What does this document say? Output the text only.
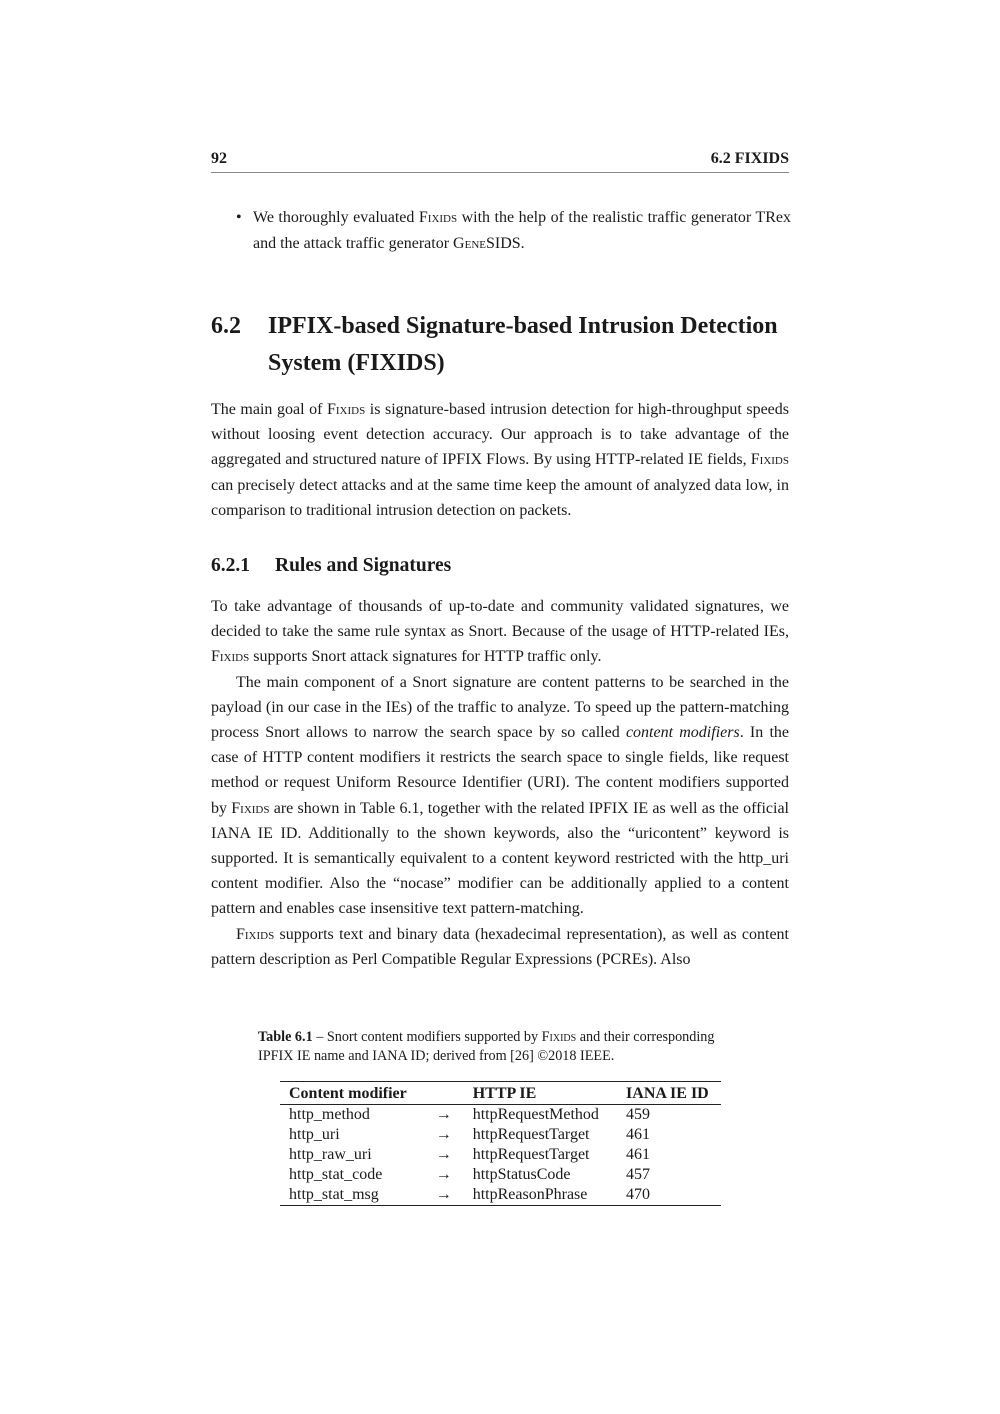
92	6.2 FIXIDS
• We thoroughly evaluated Fixids with the help of the realistic traffic generator TRex and the attack traffic generator GeneSIDS.
6.2 IPFIX-based Signature-based Intrusion Detection System (FIXIDS)

The main goal of Fixids is signature-based intrusion detection for high-throughput speeds without loosing event detection accuracy. Our approach is to take advantage of the aggregated and structured nature of IPFIX Flows. By using HTTP-related IE fields, Fixids can precisely detect attacks and at the same time keep the amount of analyzed data low, in comparison to traditional intrusion detection on packets.

6.2.1 Rules and Signatures

To take advantage of thousands of up-to-date and community validated signatures, we decided to take the same rule syntax as Snort. Because of the usage of HTTP-related IEs, Fixids supports Snort attack signatures for HTTP traffic only.

The main component of a Snort signature are content patterns to be searched in the payload (in our case in the IEs) of the traffic to analyze. To speed up the pattern-matching process Snort allows to narrow the search space by so called content modifiers. In the case of HTTP content modifiers it restricts the search space to single fields, like request method or request Uniform Resource Identifier (URI). The content modifiers supported by Fixids are shown in Table 6.1, together with the related IPFIX IE as well as the official IANA IE ID. Additionally to the shown keywords, also the “uricontent” keyword is supported. It is semantically equivalent to a content keyword restricted with the http_uri content modifier. Also the “nocase” modifier can be additionally applied to a content pattern and enables case insensitive text pattern-matching.

Fixids supports text and binary data (hexadecimal representation), as well as content pattern description as Perl Compatible Regular Expressions (PCREs). Also

Table 6.1 – Snort content modifiers supported by Fixids and their corresponding IPFIX IE name and IANA ID; derived from [26] ©2018 IEEE.
Content modifier		HTTP IE	IANA IE ID
http_method	→	httpRequestMethod	459
http_uri	→	httpRequestTarget	461
http_raw_uri	→	httpRequestTarget	461
http_stat_code	→	httpStatusCode	457
http_stat_msg	→	httpReasonPhrase	470
